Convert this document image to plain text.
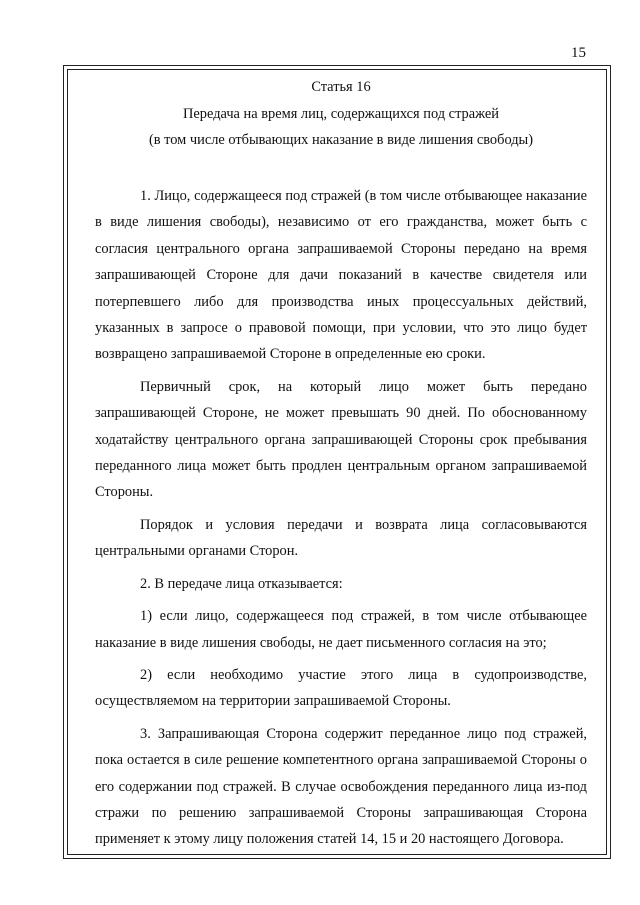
15
Статья 16
Передача на время лиц, содержащихся под стражей
(в том числе отбывающих наказание в виде лишения свободы)

1. Лицо, содержащееся под стражей (в том числе отбывающее наказание в виде лишения свободы), независимо от его гражданства, может быть с согласия центрального органа запрашиваемой Стороны передано на время запрашивающей Стороне для дачи показаний в качестве свидетеля или потерпевшего либо для производства иных процессуальных действий, указанных в запросе о правовой помощи, при условии, что это лицо будет возвращено запрашиваемой Стороне в определенные ею сроки.

Первичный срок, на который лицо может быть передано запрашивающей Стороне, не может превышать 90 дней. По обоснованному ходатайству центрального органа запрашивающей Стороны срок пребывания переданного лица может быть продлен центральным органом запрашиваемой Стороны.

Порядок и условия передачи и возврата лица согласовываются центральными органами Сторон.

2. В передаче лица отказывается:

1) если лицо, содержащееся под стражей, в том числе отбывающее наказание в виде лишения свободы, не дает письменного согласия на это;

2) если необходимо участие этого лица в судопроизводстве, осуществляемом на территории запрашиваемой Стороны.

3. Запрашивающая Сторона содержит переданное лицо под стражей, пока остается в силе решение компетентного органа запрашиваемой Стороны о его содержании под стражей. В случае освобождения переданного лица из-под стражи по решению запрашиваемой Стороны запрашивающая Сторона применяет к этому лицу положения статей 14, 15 и 20 настоящего Договора.
